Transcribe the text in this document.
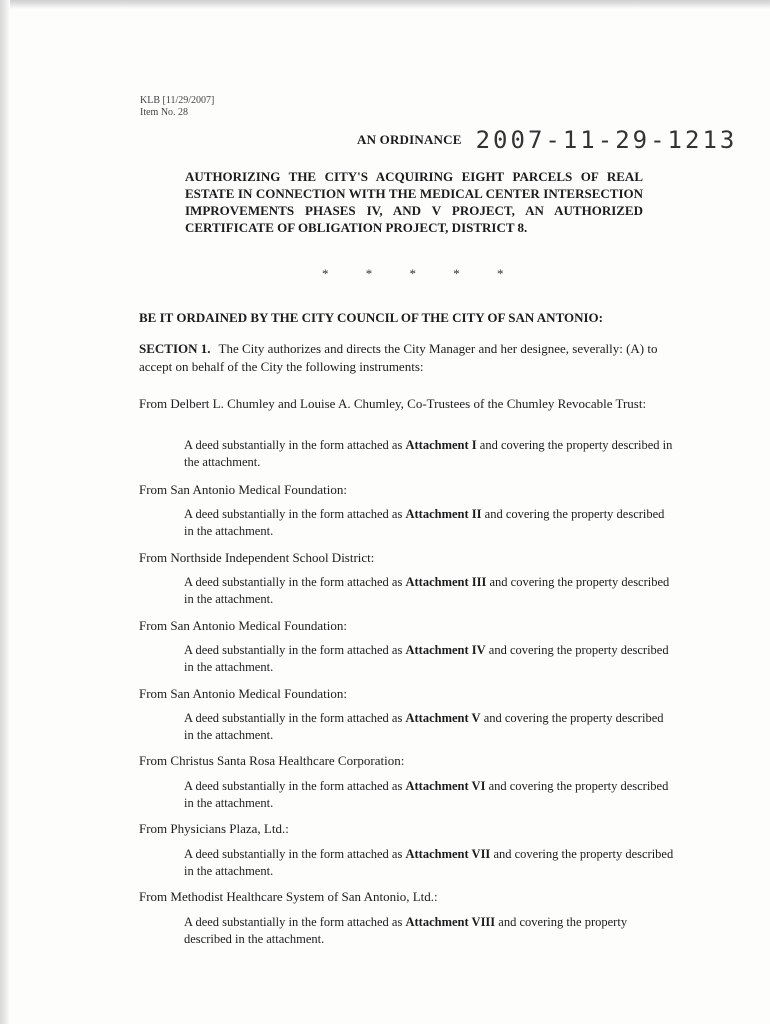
KLB [11/29/2007]
Item No. 28
AN ORDINANCE 2007-11-29-1213
AUTHORIZING THE CITY'S ACQUIRING EIGHT PARCELS OF REAL ESTATE IN CONNECTION WITH THE MEDICAL CENTER INTERSECTION IMPROVEMENTS PHASES IV, AND V PROJECT, AN AUTHORIZED CERTIFICATE OF OBLIGATION PROJECT, DISTRICT 8.
* * * * *
BE IT ORDAINED BY THE CITY COUNCIL OF THE CITY OF SAN ANTONIO:
SECTION 1. The City authorizes and directs the City Manager and her designee, severally: (A) to accept on behalf of the City the following instruments:
From Delbert L. Chumley and Louise A. Chumley, Co-Trustees of the Chumley Revocable Trust:
A deed substantially in the form attached as Attachment I and covering the property described in the attachment.
From San Antonio Medical Foundation:
A deed substantially in the form attached as Attachment II and covering the property described in the attachment.
From Northside Independent School District:
A deed substantially in the form attached as Attachment III and covering the property described in the attachment.
From San Antonio Medical Foundation:
A deed substantially in the form attached as Attachment IV and covering the property described in the attachment.
From San Antonio Medical Foundation:
A deed substantially in the form attached as Attachment V and covering the property described in the attachment.
From Christus Santa Rosa Healthcare Corporation:
A deed substantially in the form attached as Attachment VI and covering the property described in the attachment.
From Physicians Plaza, Ltd.:
A deed substantially in the form attached as Attachment VII and covering the property described in the attachment.
From Methodist Healthcare System of San Antonio, Ltd.:
A deed substantially in the form attached as Attachment VIII and covering the property described in the attachment.
